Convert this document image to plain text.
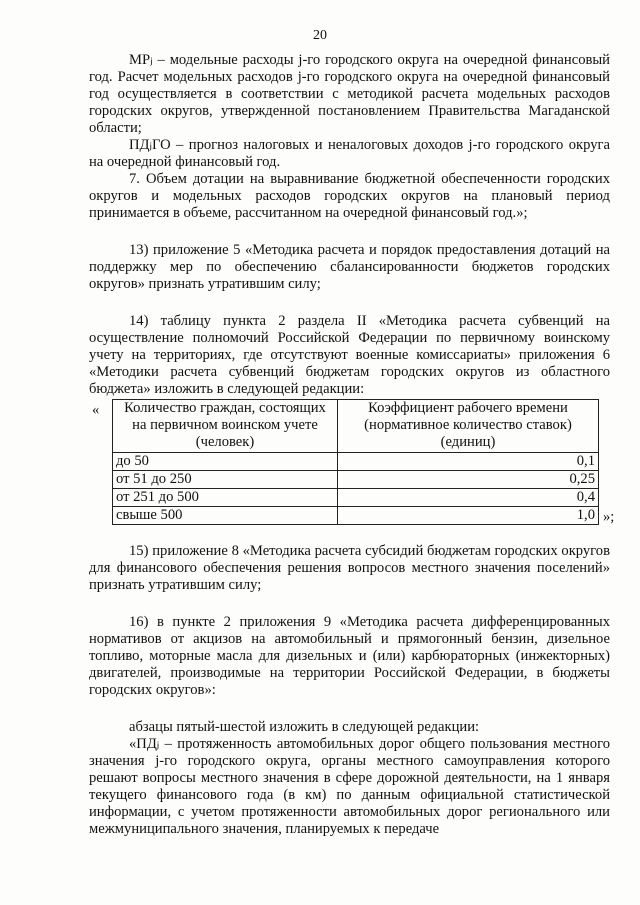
20

МРⱼ – модельные расходы j-го городского округа на очередной финансовый год. Расчет модельных расходов j-го городского округа на очередной финансовый год осуществляется в соответствии с методикой расчета модельных расходов городских округов, утвержденной постановлением Правительства Магаданской области;

ПДⱼГО – прогноз налоговых и неналоговых доходов j-го городского округа на очередной финансовый год.

7. Объем дотации на выравнивание бюджетной обеспеченности городских округов и модельных расходов городских округов на плановый период принимается в объеме, рассчитанном на очередной финансовый год.»;

13) приложение 5 «Методика расчета и порядок предоставления дотаций на поддержку мер по обеспечению сбалансированности бюджетов городских округов» признать утратившим силу;

14) таблицу пункта 2 раздела II «Методика расчета субвенций на осуществление полномочий Российской Федерации по первичному воинскому учету на территориях, где отсутствуют военные комиссариаты» приложения 6 «Методики расчета субвенций бюджетам городских округов из областного бюджета» изложить в следующей редакции:

« Количество граждан, состоящих на первичном воинском учете (человек)	Коэффициент рабочего времени (нормативное количество ставок) (единиц)
до 50	0,1
от 51 до 250	0,25
от 251 до 500	0,4
свыше 500	1,0 »;

15) приложение 8 «Методика расчета субсидий бюджетам городских округов для финансового обеспечения решения вопросов местного значения поселений» признать утратившим силу;

16) в пункте 2 приложения 9 «Методика расчета дифференцированных нормативов от акцизов на автомобильный и прямогонный бензин, дизельное топливо, моторные масла для дизельных и (или) карбюраторных (инжекторных) двигателей, производимые на территории Российской Федерации, в бюджеты городских округов»:

абзацы пятый-шестой изложить в следующей редакции:

«ПДⱼ – протяженность автомобильных дорог общего пользования местного значения j-го городского округа, органы местного самоуправления которого решают вопросы местного значения в сфере дорожной деятельности, на 1 января текущего финансового года (в км) по данным официальной статистической информации, с учетом протяженности автомобильных дорог регионального или межмуниципального значения, планируемых к передаче
